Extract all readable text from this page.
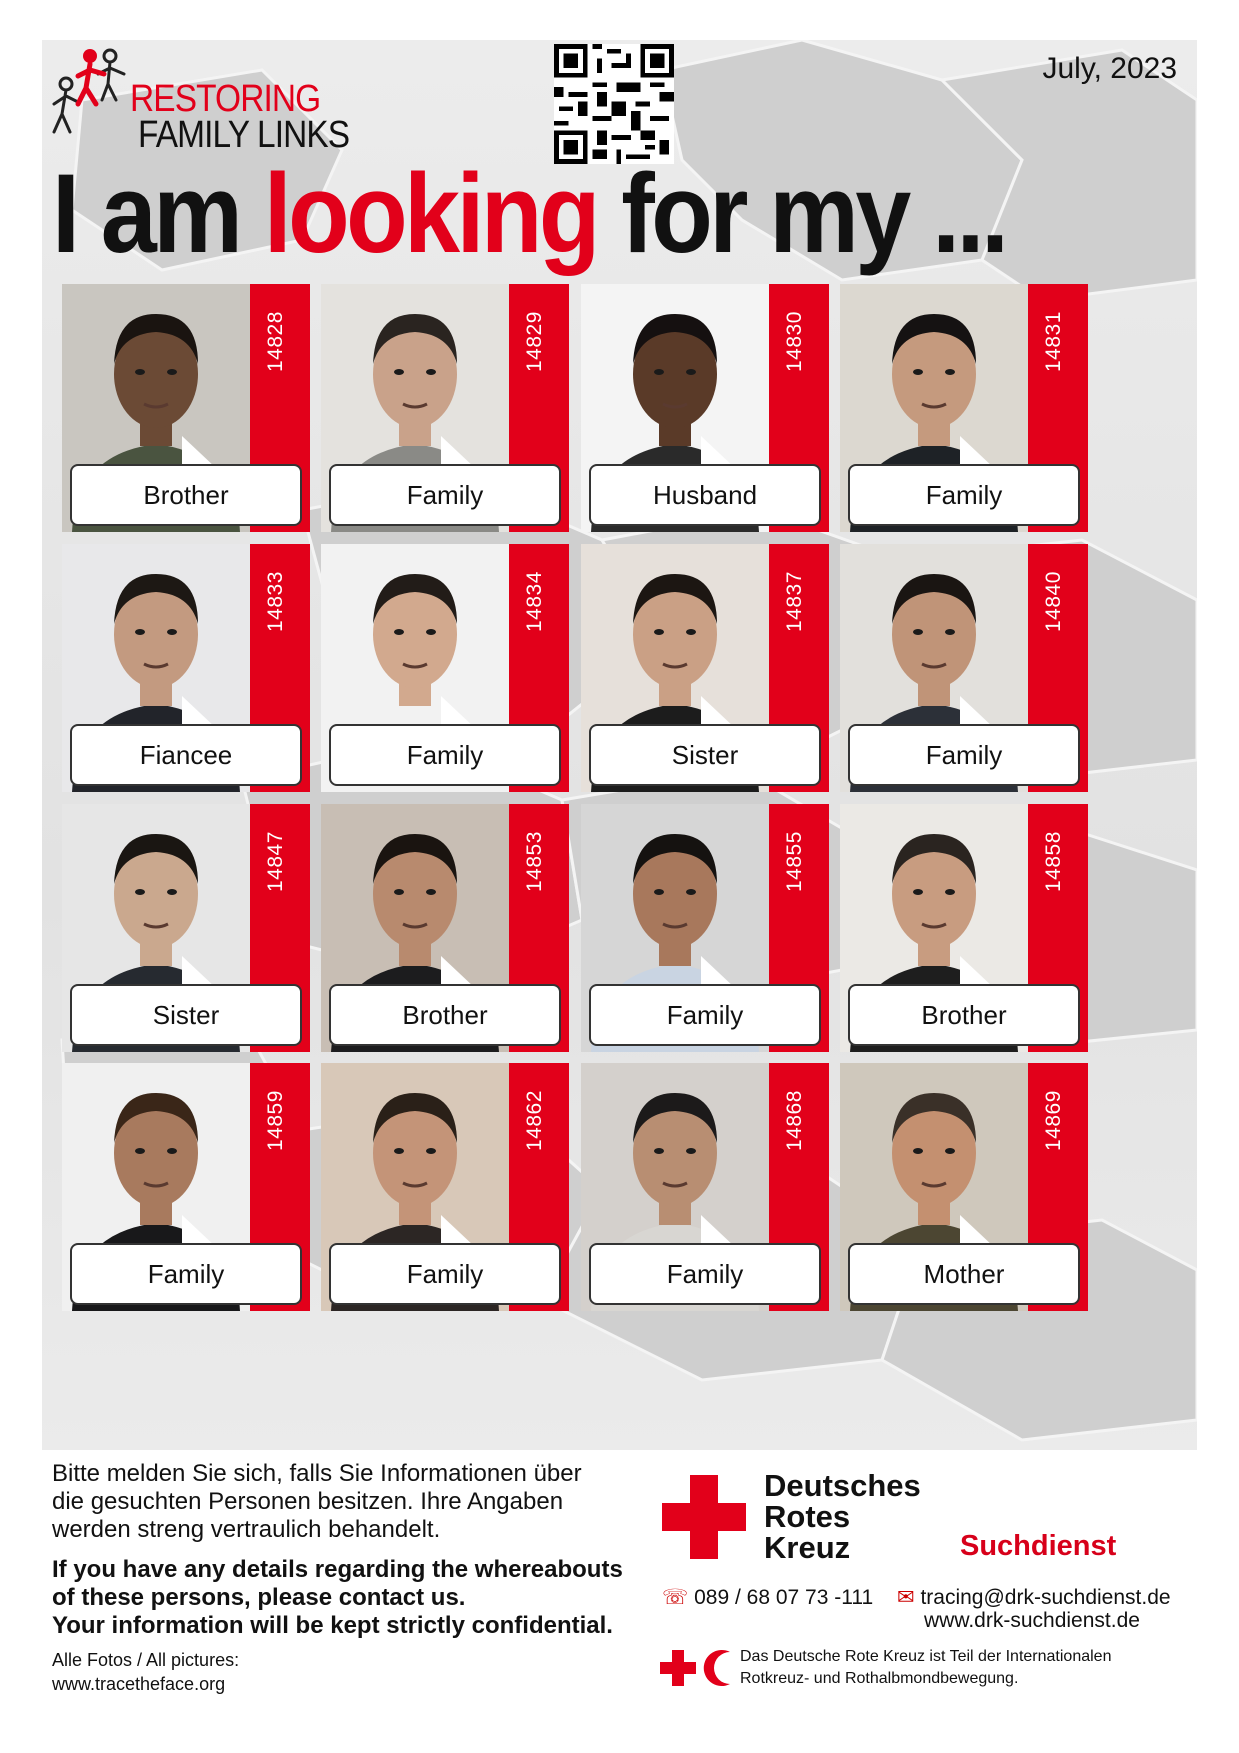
RESTORING
FAMILY LINKS
July, 2023
I am looking for my ...
14828
Brother
14829
Family
14830
Husband
14831
Family
14833
Fiancee
14834
Family
14837
Sister
14840
Family
14847
Sister
14853
Brother
14855
Family
14858
Brother
14859
Family
14862
Family
14868
Family
14869
Mother
Bitte melden Sie sich, falls Sie Informationen über
die gesuchten Personen besitzen. Ihre Angaben
werden streng vertraulich behandelt.
If you have any details regarding the whereabouts
of these persons, please contact us.
Your information will be kept strictly confidential.
Alle Fotos / All pictures:
www.tracetheface.org
Deutsches
Rotes
Kreuz	Suchdienst
☏ 089 / 68 07 73 -111 ✉ tracing@drk-suchdienst.de
www.drk-suchdienst.de
Das Deutsche Rote Kreuz ist Teil der Internationalen
Rotkreuz- und Rothalbmondbewegung.
